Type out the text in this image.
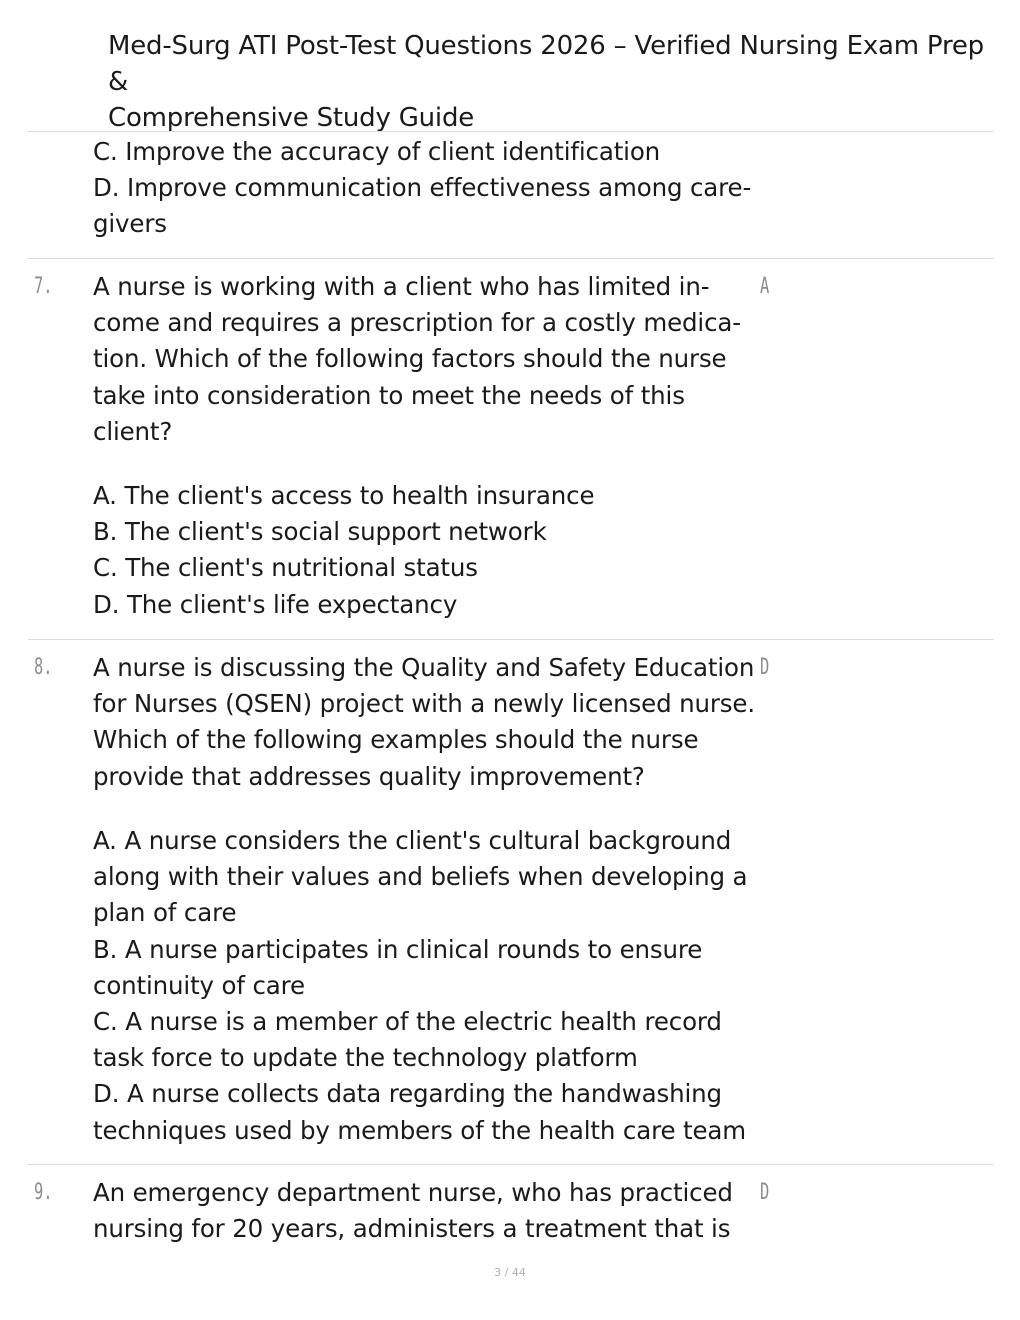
Med-Surg ATI Post-Test Questions 2026 – Verified Nursing Exam Prep &
Comprehensive Study Guide
C. Improve the accuracy of client identification
D. Improve communication effectiveness among care-
givers
7.	A
A nurse is working with a client who has limited in-
come and requires a prescription for a costly medica-
tion. Which of the following factors should the nurse
take into consideration to meet the needs of this
client?
A. The client's access to health insurance
B. The client's social support network
C. The client's nutritional status
D. The client's life expectancy
8.	D
A nurse is discussing the Quality and Safety Education
for Nurses (QSEN) project with a newly licensed nurse.
Which of the following examples should the nurse
provide that addresses quality improvement?
A. A nurse considers the client's cultural background
along with their values and beliefs when developing a
plan of care
B. A nurse participates in clinical rounds to ensure
continuity of care
C. A nurse is a member of the electric health record
task force to update the technology platform
D. A nurse collects data regarding the handwashing
techniques used by members of the health care team
9.	D
An emergency department nurse, who has practiced
nursing for 20 years, administers a treatment that is
3 / 44
